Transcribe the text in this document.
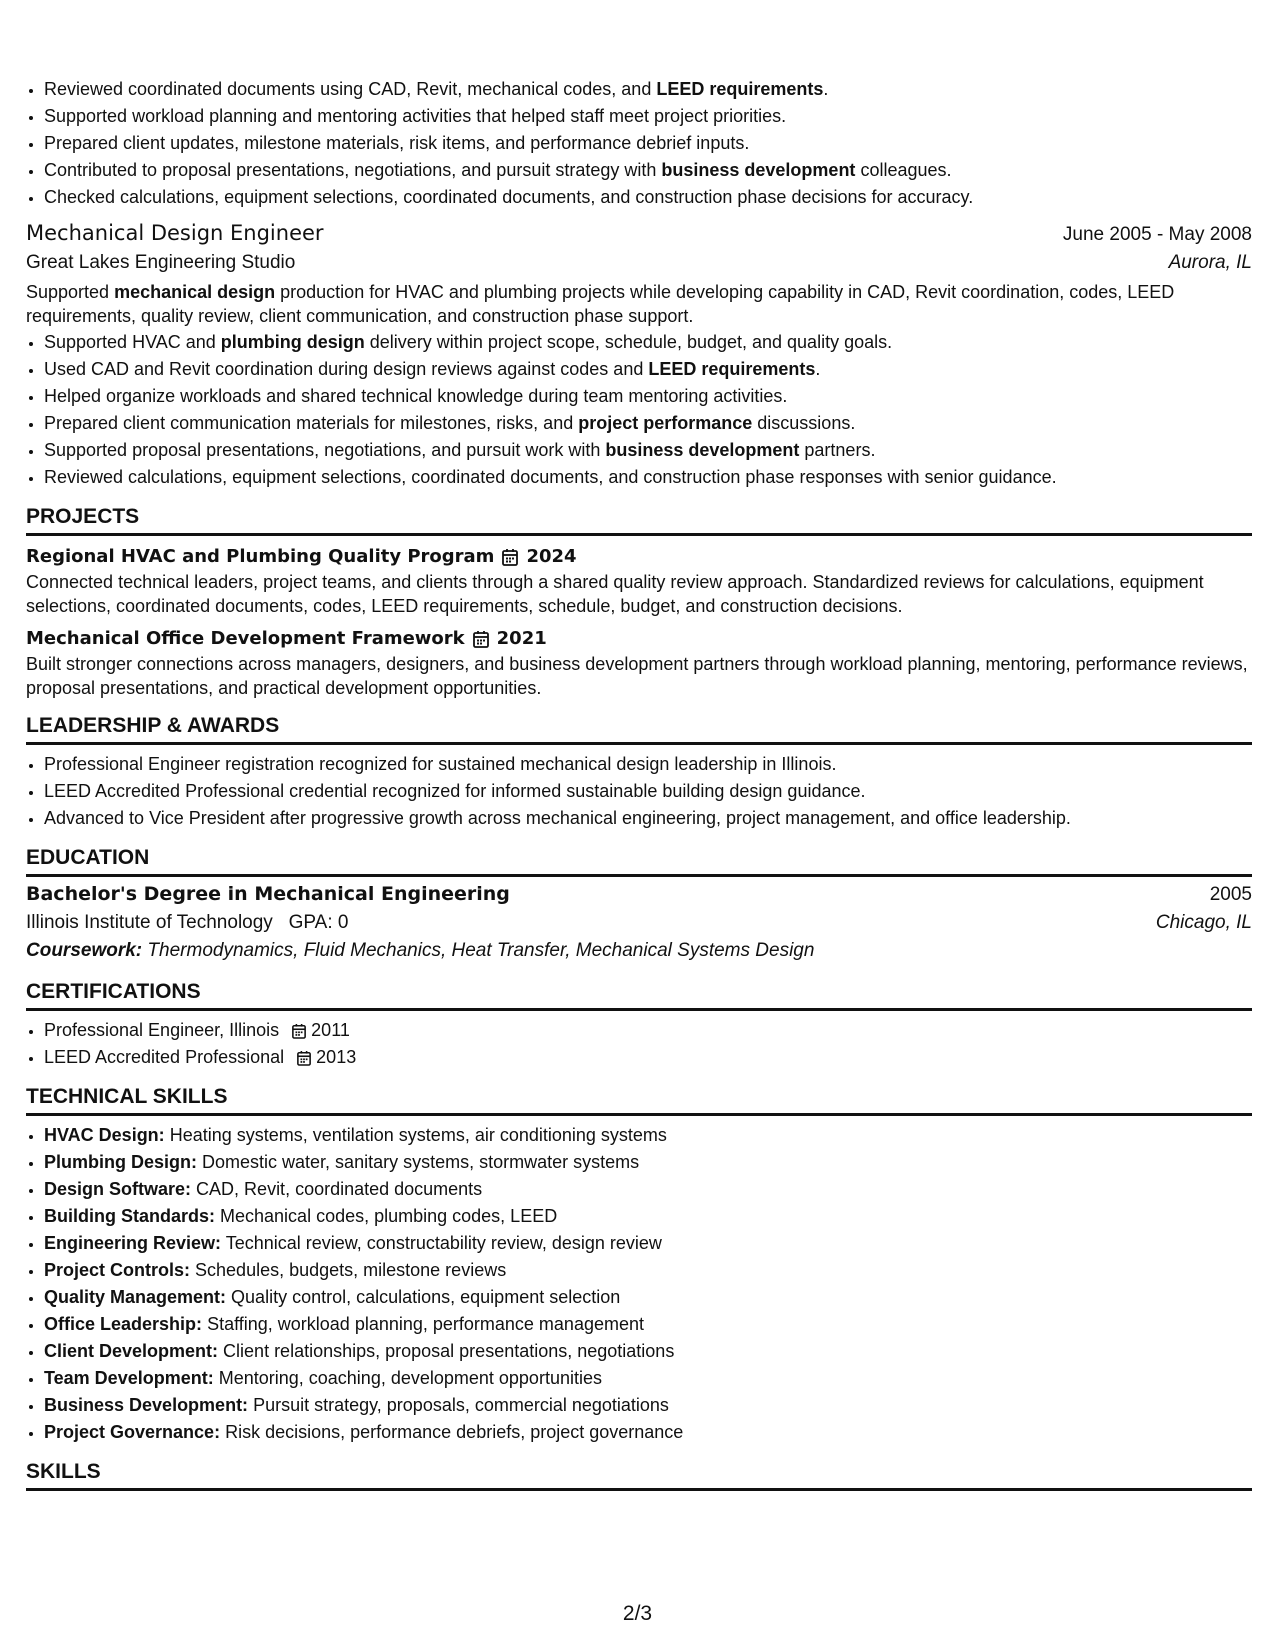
• Reviewed coordinated documents using CAD, Revit, mechanical codes, and LEED requirements.
• Supported workload planning and mentoring activities that helped staff meet project priorities.
• Prepared client updates, milestone materials, risk items, and performance debrief inputs.
• Contributed to proposal presentations, negotiations, and pursuit strategy with business development colleagues.
• Checked calculations, equipment selections, coordinated documents, and construction phase decisions for accuracy.
Mechanical Design Engineer	June 2005 - May 2008
Great Lakes Engineering Studio	Aurora, IL
Supported mechanical design production for HVAC and plumbing projects while developing capability in CAD, Revit coordination, codes, LEED requirements, quality review, client communication, and construction phase support.
• Supported HVAC and plumbing design delivery within project scope, schedule, budget, and quality goals.
• Used CAD and Revit coordination during design reviews against codes and LEED requirements.
• Helped organize workloads and shared technical knowledge during team mentoring activities.
• Prepared client communication materials for milestones, risks, and project performance discussions.
• Supported proposal presentations, negotiations, and pursuit work with business development partners.
• Reviewed calculations, equipment selections, coordinated documents, and construction phase responses with senior guidance.
PROJECTS
Regional HVAC and Plumbing Quality Program 2024
Connected technical leaders, project teams, and clients through a shared quality review approach. Standardized reviews for calculations, equipment selections, coordinated documents, codes, LEED requirements, schedule, budget, and construction decisions.
Mechanical Office Development Framework 2021
Built stronger connections across managers, designers, and business development partners through workload planning, mentoring, performance reviews, proposal presentations, and practical development opportunities.
LEADERSHIP & AWARDS
• Professional Engineer registration recognized for sustained mechanical design leadership in Illinois.
• LEED Accredited Professional credential recognized for informed sustainable building design guidance.
• Advanced to Vice President after progressive growth across mechanical engineering, project management, and office leadership.
EDUCATION
Bachelor's Degree in Mechanical Engineering	2005
Illinois Institute of Technology GPA: 0	Chicago, IL
Coursework: Thermodynamics, Fluid Mechanics, Heat Transfer, Mechanical Systems Design
CERTIFICATIONS
• Professional Engineer, Illinois 2011
• LEED Accredited Professional 2013
TECHNICAL SKILLS
• HVAC Design: Heating systems, ventilation systems, air conditioning systems
• Plumbing Design: Domestic water, sanitary systems, stormwater systems
• Design Software: CAD, Revit, coordinated documents
• Building Standards: Mechanical codes, plumbing codes, LEED
• Engineering Review: Technical review, constructability review, design review
• Project Controls: Schedules, budgets, milestone reviews
• Quality Management: Quality control, calculations, equipment selection
• Office Leadership: Staffing, workload planning, performance management
• Client Development: Client relationships, proposal presentations, negotiations
• Team Development: Mentoring, coaching, development opportunities
• Business Development: Pursuit strategy, proposals, commercial negotiations
• Project Governance: Risk decisions, performance debriefs, project governance
SKILLS
2/3
